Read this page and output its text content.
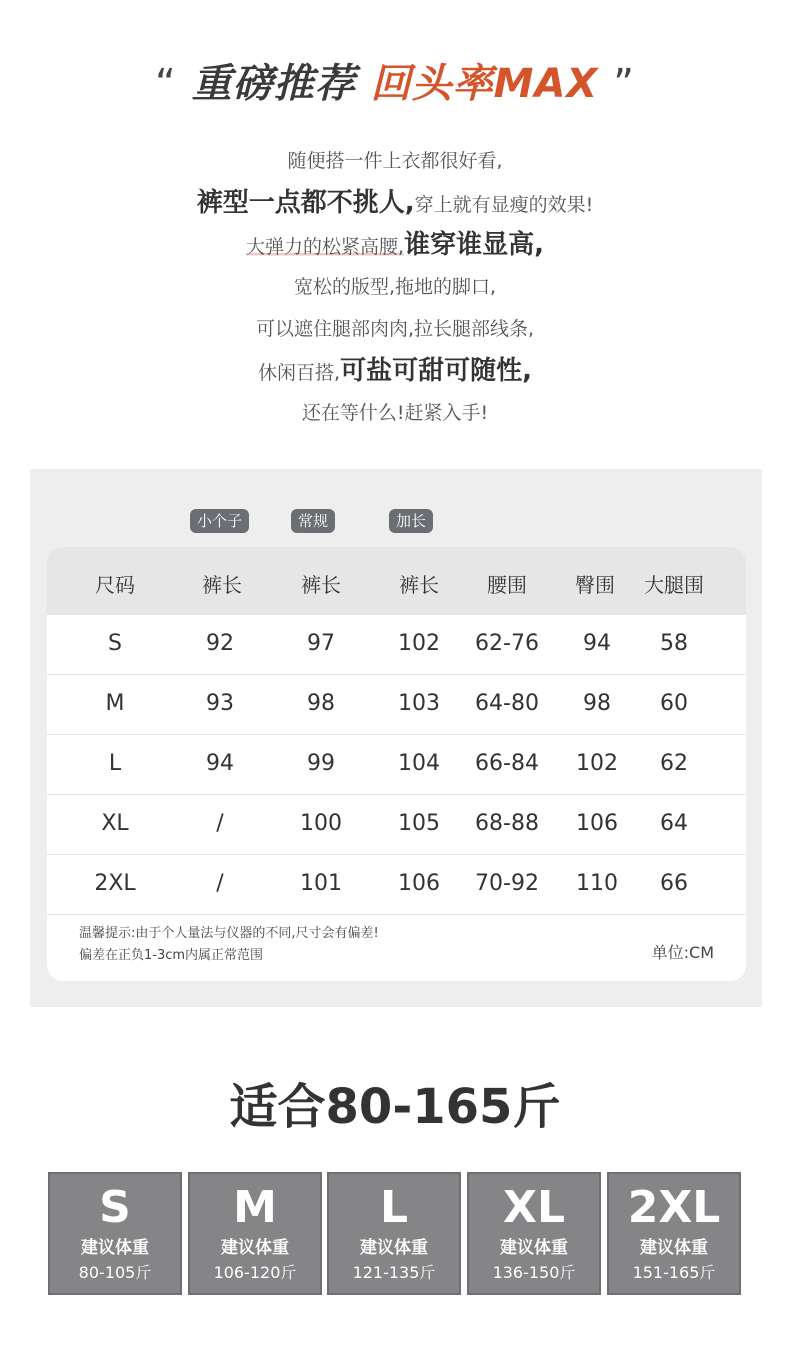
“ 重磅推荐 回头率MAX ”
随便搭一件上衣都很好看,
裤型一点都不挑人,穿上就有显瘦的效果!
大弹力的松紧高腰,谁穿谁显高,
宽松的版型,拖地的脚口,
可以遮住腿部肉肉,拉长腿部线条,
休闲百搭,可盐可甜可随性,
还在等什么!赶紧入手!
小个子	常规	加长
尺码	裤长	裤长	裤长 腰围 臀围 大腿围
S	92	97	102 62-76 94 58
M	93	98	103 64-80 98 60
L	94	99	104 66-84 102 62
XL	/	100	105 68-88 106 64
2XL	/	101	106 70-92 110 66
温馨提示:由于个人量法与仪器的不同,尺寸会有偏差!
偏差在正负1-3cm内属正常范围	单位:CM
适合80-165斤
S
建议体重
80-105斤
M
建议体重
106-120斤
L
建议体重
121-135斤
XL
建议体重
136-150斤
2XL
建议体重
151-165斤
